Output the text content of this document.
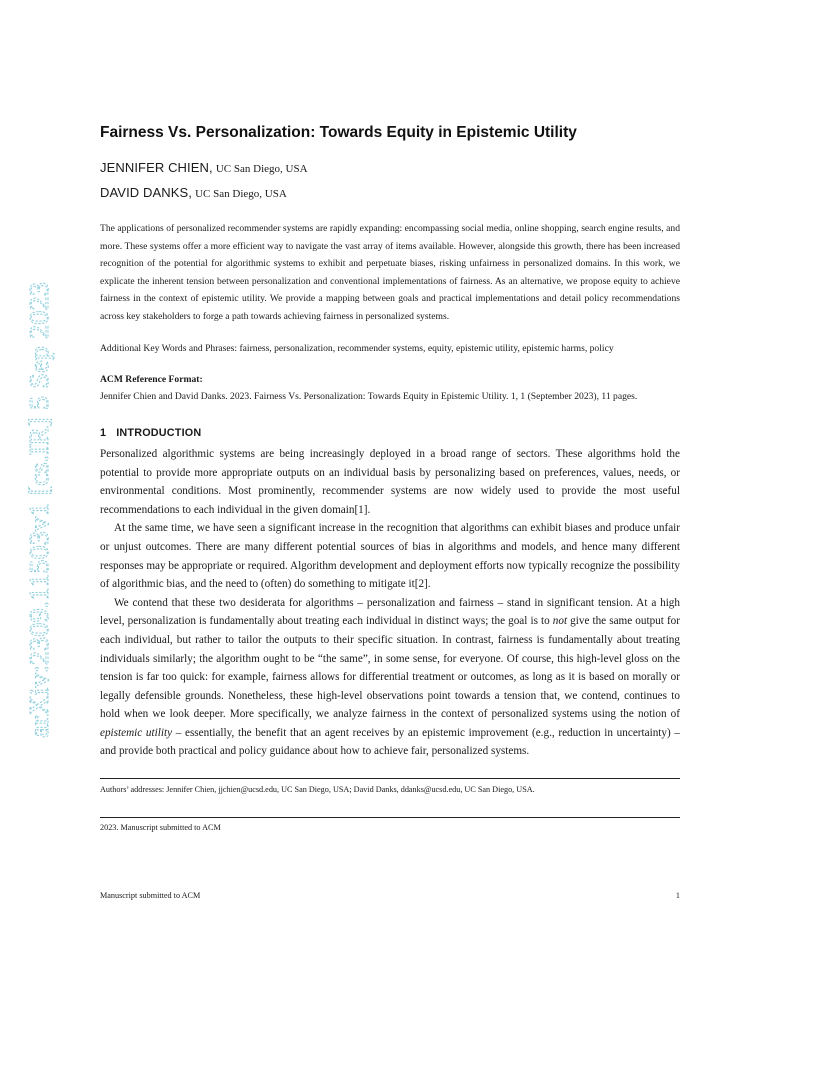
arXiv:2309.11503v1 [cs.IR] 5 Sep 2023
Fairness Vs. Personalization: Towards Equity in Epistemic Utility

JENNIFER CHIEN, UC San Diego, USA

DAVID DANKS, UC San Diego, USA

The applications of personalized recommender systems are rapidly expanding: encompassing social media, online shopping, search engine results, and more. These systems offer a more efficient way to navigate the vast array of items available. However, alongside this growth, there has been increased recognition of the potential for algorithmic systems to exhibit and perpetuate biases, risking unfairness in personalized domains. In this work, we explicate the inherent tension between personalization and conventional implementations of fairness. As an alternative, we propose equity to achieve fairness in the context of epistemic utility. We provide a mapping between goals and practical implementations and detail policy recommendations across key stakeholders to forge a path towards achieving fairness in personalized systems.

Additional Key Words and Phrases: fairness, personalization, recommender systems, equity, epistemic utility, epistemic harms, policy

ACM Reference Format:

Jennifer Chien and David Danks. 2023. Fairness Vs. Personalization: Towards Equity in Epistemic Utility. 1, 1 (September 2023), 11 pages.

1 INTRODUCTION

Personalized algorithmic systems are being increasingly deployed in a broad range of sectors. These algorithms hold the potential to provide more appropriate outputs on an individual basis by personalizing based on preferences, values, needs, or environmental conditions. Most prominently, recommender systems are now widely used to provide the most useful recommendations to each individual in the given domain[1].

At the same time, we have seen a significant increase in the recognition that algorithms can exhibit biases and produce unfair or unjust outcomes. There are many different potential sources of bias in algorithms and models, and hence many different responses may be appropriate or required. Algorithm development and deployment efforts now typically recognize the possibility of algorithmic bias, and the need to (often) do something to mitigate it[2].

We contend that these two desiderata for algorithms – personalization and fairness – stand in significant tension. At a high level, personalization is fundamentally about treating each individual in distinct ways; the goal is to not give the same output for each individual, but rather to tailor the outputs to their specific situation. In contrast, fairness is fundamentally about treating individuals similarly; the algorithm ought to be “the same”, in some sense, for everyone. Of course, this high-level gloss on the tension is far too quick: for example, fairness allows for differential treatment or outcomes, as long as it is based on morally or legally defensible grounds. Nonetheless, these high-level observations point towards a tension that, we contend, continues to hold when we look deeper. More specifically, we analyze fairness in the context of personalized systems using the notion of epistemic utility – essentially, the benefit that an agent receives by an epistemic improvement (e.g., reduction in uncertainty) – and provide both practical and policy guidance about how to achieve fair, personalized systems.

Authors’ addresses: Jennifer Chien, jjchien@ucsd.edu, UC San Diego, USA; David Danks, ddanks@ucsd.edu, UC San Diego, USA.

2023. Manuscript submitted to ACM

Manuscript submitted to ACM	1
